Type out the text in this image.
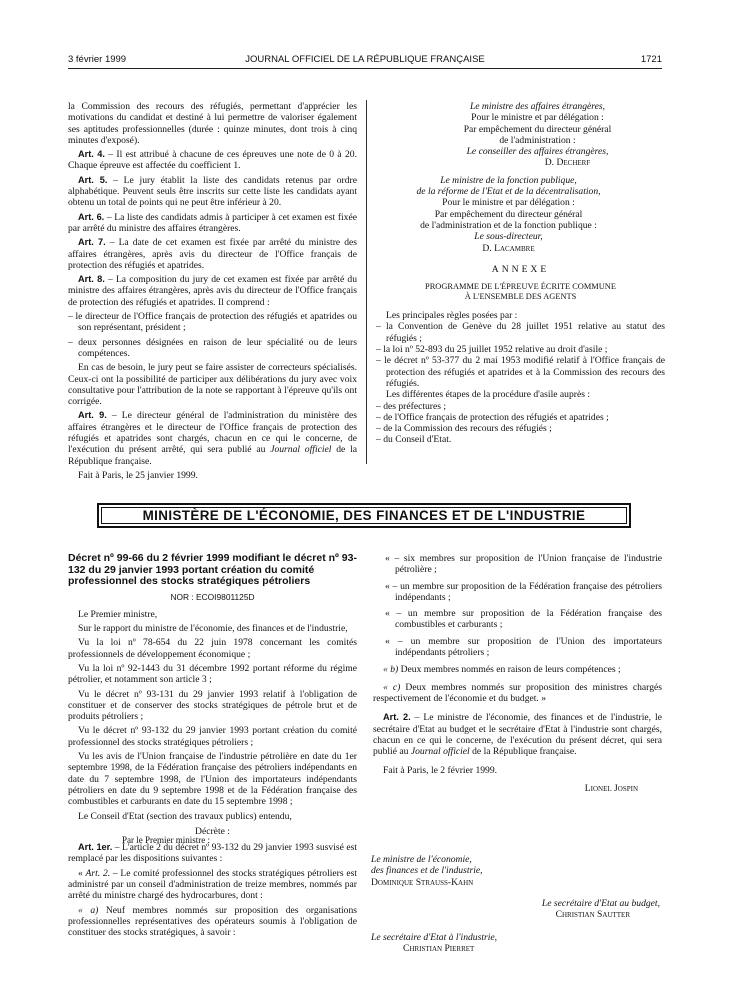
3 février 1999	JOURNAL OFFICIEL DE LA RÉPUBLIQUE FRANÇAISE	1721

la Commission des recours des réfugiés, permettant d'apprécier les motivations du candidat et destiné à lui permettre de valoriser également ses aptitudes professionnelles (durée : quinze minutes, dont trois à cinq minutes d'exposé).

Art. 4. – Il est attribué à chacune de ces épreuves une note de 0 à 20. Chaque épreuve est affectée du coefficient 1.

Art. 5. – Le jury établit la liste des candidats retenus par ordre alphabétique. Peuvent seuls être inscrits sur cette liste les candidats ayant obtenu un total de points qui ne peut être inférieur à 20.

Art. 6. – La liste des candidats admis à participer à cet examen est fixée par arrêté du ministre des affaires étrangères.

Art. 7. – La date de cet examen est fixée par arrêté du ministre des affaires étrangères, après avis du directeur de l'Office français de protection des réfugiés et apatrides.

Art. 8. – La composition du jury de cet examen est fixée par arrêté du ministre des affaires étrangères, après avis du directeur de l'Office français de protection des réfugiés et apatrides. Il comprend :

– le directeur de l'Office français de protection des réfugiés et apatrides ou son représentant, président ;

– deux personnes désignées en raison de leur spécialité ou de leurs compétences.

En cas de besoin, le jury peut se faire assister de correcteurs spécialisés. Ceux-ci ont la possibilité de participer aux délibérations du jury avec voix consultative pour l'attribution de la note se rapportant à l'épreuve qu'ils ont corrigée.

Art. 9. – Le directeur général de l'administration du ministère des affaires étrangères et le directeur de l'Office français de protection des réfugiés et apatrides sont chargés, chacun en ce qui le concerne, de l'exécution du présent arrêté, qui sera publié au Journal officiel de la République française.

Fait à Paris, le 25 janvier 1999.

Le ministre des affaires étrangères,
Pour le ministre et par délégation :
Par empêchement du directeur général
de l'administration :
Le conseiller des affaires étrangères,
D. Decherf
Le ministre de la fonction publique,
de la réforme de l'Etat et de la décentralisation,
Pour le ministre et par délégation :
Par empêchement du directeur général
de l'administration et de la fonction publique :
Le sous-directeur,
D. Lacambre
ANNEXE
PROGRAMME DE L'ÉPREUVE ÉCRITE COMMUNE
À L'ENSEMBLE DES AGENTS

Les principales règles posées par :

– la Convention de Genève du 28 juillet 1951 relative au statut des réfugiés ;

– la loi nº 52-893 du 25 juillet 1952 relative au droit d'asile ;

– le décret nº 53-377 du 2 mai 1953 modifié relatif à l'Office français de protection des réfugiés et apatrides et à la Commission des recours des réfugiés.

Les différentes étapes de la procédure d'asile auprès :

– des préfectures ;

– de l'Office français de protection des réfugiés et apatrides ;

– de la Commission des recours des réfugiés ;

– du Conseil d'Etat.

MINISTÈRE DE L'ÉCONOMIE, DES FINANCES ET DE L'INDUSTRIE
Décret nº 99-66 du 2 février 1999 modifiant le décret nº 93-132 du 29 janvier 1993 portant création du comité professionnel des stocks stratégiques pétroliers
NOR : ECOI9801125D

Le Premier ministre,

Sur le rapport du ministre de l'économie, des finances et de l'industrie,

Vu la loi nº 78-654 du 22 juin 1978 concernant les comités professionnels de développement économique ;

Vu la loi nº 92-1443 du 31 décembre 1992 portant réforme du régime pétrolier, et notamment son article 3 ;

Vu le décret nº 93-131 du 29 janvier 1993 relatif à l'obligation de constituer et de conserver des stocks stratégiques de pétrole brut et de produits pétroliers ;

Vu le décret nº 93-132 du 29 janvier 1993 portant création du comité professionnel des stocks stratégiques pétroliers ;

Vu les avis de l'Union française de l'industrie pétrolière en date du 1er septembre 1998, de la Fédération française des pétroliers indépendants en date du 7 septembre 1998, de l'Union des importateurs indépendants pétroliers en date du 9 septembre 1998 et de la Fédération française des combustibles et carburants en date du 15 septembre 1998 ;

Le Conseil d'Etat (section des travaux publics) entendu,

Décrète :

Art. 1er. – L'article 2 du décret nº 93-132 du 29 janvier 1993 susvisé est remplacé par les dispositions suivantes :

« Art. 2. – Le comité professionnel des stocks stratégiques pétroliers est administré par un conseil d'administration de treize membres, nommés par arrêté du ministre chargé des hydrocarbures, dont :

« a) Neuf membres nommés sur proposition des organisations professionnelles représentatives des opérateurs soumis à l'obligation de constituer des stocks stratégiques, à savoir :

« – six membres sur proposition de l'Union française de l'industrie pétrolière ;

« – un membre sur proposition de la Fédération française des pétroliers indépendants ;

« – un membre sur proposition de la Fédération française des combustibles et carburants ;

« – un membre sur proposition de l'Union des importateurs indépendants pétroliers ;

« b) Deux membres nommés en raison de leurs compétences ;

« c) Deux membres nommés sur proposition des ministres chargés respectivement de l'économie et du budget. »

Art. 2. – Le ministre de l'économie, des finances et de l'industrie, le secrétaire d'Etat au budget et le secrétaire d'Etat à l'industrie sont chargés, chacun en ce qui le concerne, de l'exécution du présent décret, qui sera publié au Journal officiel de la République française.

Fait à Paris, le 2 février 1999.

Lionel Jospin
Par le Premier ministre :
Le ministre de l'économie,
des finances et de l'industrie,
Dominique Strauss-Kahn
Le secrétaire d'Etat au budget,
Christian Sautter
Le secrétaire d'Etat à l'industrie,
Christian Pierret
